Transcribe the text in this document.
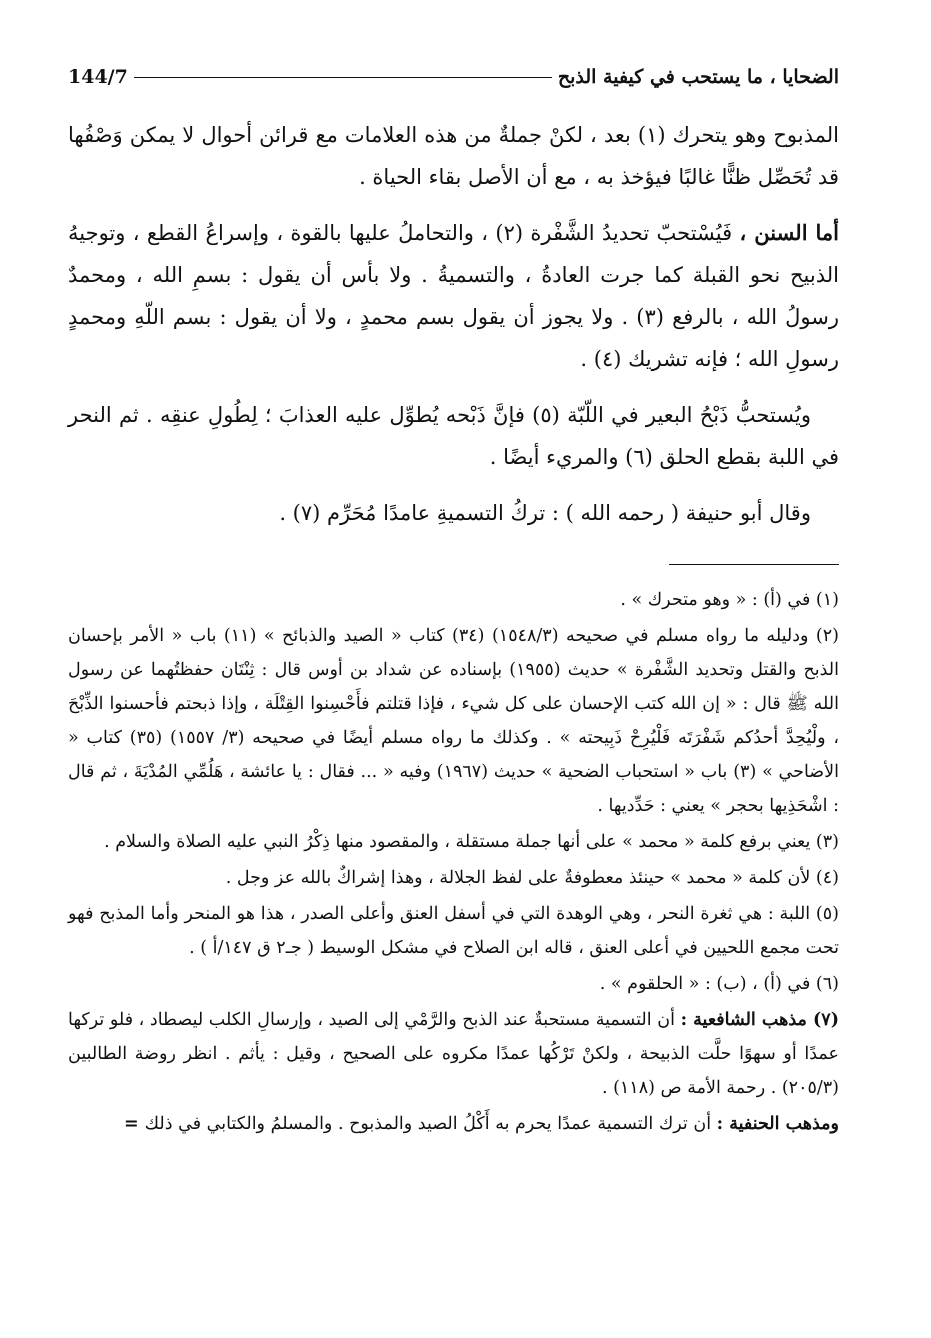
الضحايا ، ما يستحب في كيفية الذبح
144/7

المذبوح وهو يتحرك (١) بعد ، لكنْ جملةٌ من هذه العلامات مع قرائن أحوال لا يمكن وَصْفُها قد تُحَصِّل ظنًّا غالبًا فيؤخذ به ، مع أن الأصل بقاء الحياة .

أما السنن ، فَيُسْتحبّ تحديدُ الشَّفْرة (٢) ، والتحاملُ عليها بالقوة ، وإسراعُ القطع ، وتوجيهُ الذبيح نحو القبلة كما جرت العادةُ ، والتسميةُ . ولا بأس أن يقول : بسمِ الله ، ومحمدٌ رسولُ الله ، بالرفع (٣) . ولا يجوز أن يقول بسم محمدٍ ، ولا أن يقول : بسم اللّهِ ومحمدٍ رسولِ الله ؛ فإنه تشريك (٤) .

ويُستحبُّ ذَبْحُ البعير في اللّبّة (٥) فإنَّ ذَبْحه يُطوِّل عليه العذابَ ؛ لِطُولِ عنقِه . ثم النحر في اللبة بقطع الحلق (٦) والمريء أيضًا .

وقال أبو حنيفة ( رحمه الله ) : تركُ التسميةِ عامدًا مُحَرِّم (٧) .

(١) في (أ) : « وهو متحرك » .

(٢) ودليله ما رواه مسلم في صحيحه (١٥٤٨/٣) (٣٤) كتاب « الصيد والذبائح » (١١) باب « الأمر بإحسان الذبح والقتل وتحديد الشَّفْرة » حديث (١٩٥٥) بإسناده عن شداد بن أوس قال : ثِنْتَان حفظتُهما عن رسول الله ﷺ قال : « إن الله كتب الإحسان على كل شيء ، فإذا قتلتم فأَحْسِنوا القِتْلَة ، وإذا ذبحتم فأحسنوا الذِّبْحَ ، ولْيُحِدَّ أحدُكم شَفْرَتَه فَلْيُرِحْ ذَبِيحته » . وكذلك ما رواه مسلم أيضًا في صحيحه (٣/ ١٥٥٧) (٣٥) كتاب « الأضاحي » (٣) باب « استحباب الضحية » حديث (١٩٦٧) وفيه « ... فقال : يا عائشة ، هَلُمِّي المُدْيَةَ ، ثم قال : اشْحَذِيها بحجر » يعني : حَدِّديها .

(٣) يعني برفع كلمة « محمد » على أنها جملة مستقلة ، والمقصود منها ذِكْرُ النبي عليه الصلاة والسلام .

(٤) لأن كلمة « محمد » حينئذ معطوفةٌ على لفظ الجلالة ، وهذا إشراكٌ بالله عز وجل .

(٥) اللبة : هي ثغرة النحر ، وهي الوهدة التي في أسفل العنق وأعلى الصدر ، هذا هو المنحر وأما المذبح فهو تحت مجمع اللحيين في أعلى العنق ، قاله ابن الصلاح في مشكل الوسيط ( جـ٢ ق ١٤٧/أ ) .

(٦) في (أ) ، (ب) : « الحلقوم » .

(٧) مذهب الشافعية : أن التسمية مستحبةٌ عند الذبح والرَّمْي إلى الصيد ، وإرسالِ الكلب ليصطاد ، فلو تركها عمدًا أو سهوًا حلَّت الذبيحة ، ولكنْ تَرْكُها عمدًا مكروه على الصحيح ، وقيل : يأثم . انظر روضة الطالبين (٢٠٥/٣) . رحمة الأمة ص (١١٨) .

ومذهب الحنفية : أن ترك التسمية عمدًا يحرم به أَكْلُ الصيد والمذبوح . والمسلمُ والكتابي في ذلك=
